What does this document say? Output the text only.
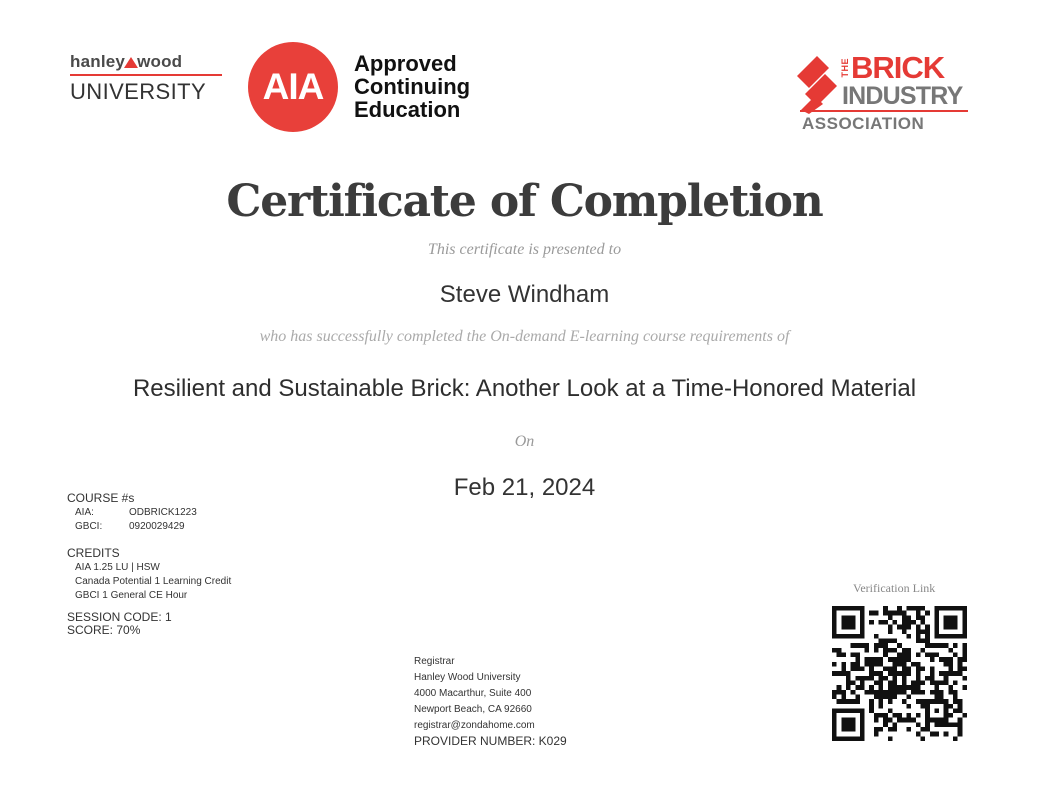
hanley wood
UNIVERSITY	AIA
Approved
Continuing
Education
THE BRICK
INDUSTRY
ASSOCIATION
Certificate of Completion
This certificate is presented to
Steve Windham
who has successfully completed the On-demand E-learning course requirements of
Resilient and Sustainable Brick: Another Look at a Time-Honored Material
On
Feb 21, 2024
COURSE #s
AIA:	ODBRICK1223
GBCI:	0920029429
CREDITS
AIA 1.25 LU | HSW
Canada Potential 1 Learning Credit
GBCI 1 General CE Hour
SESSION CODE: 1
SCORE: 70%
Registrar
Hanley Wood University
4000 Macarthur, Suite 400
Newport Beach, CA 92660
registrar@zondahome.com
PROVIDER NUMBER: K029
Verification Link
